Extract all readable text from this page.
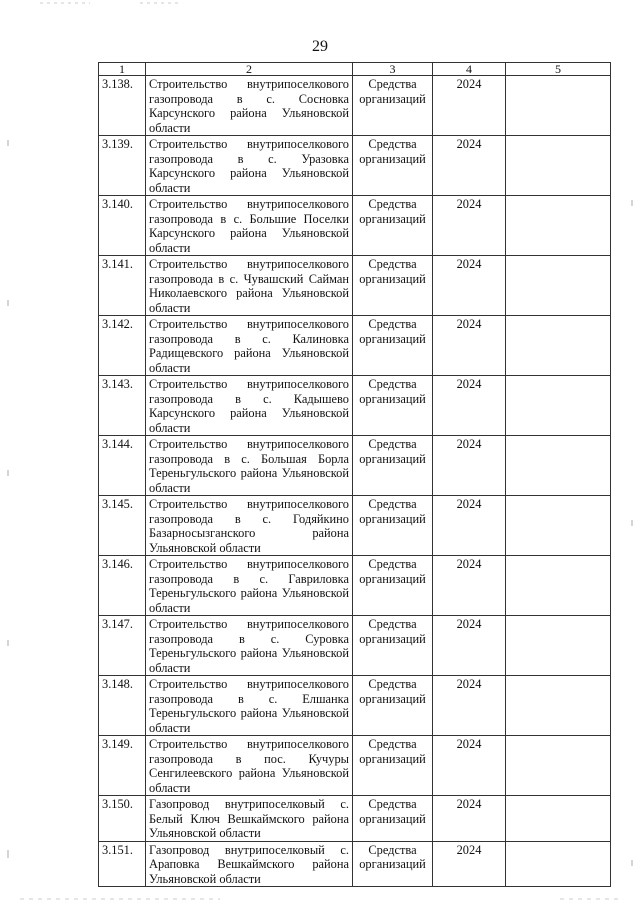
29
1	2	3	4	5
3.138.	Строительство внутрипоселкового газопровода в с. Сосновка Карсунского района Ульяновской области	Средства организаций	2024	
3.139.	Строительство внутрипоселкового газопровода в с. Уразовка Карсунского района Ульяновской области	Средства организаций	2024	
3.140.	Строительство внутрипоселкового газопровода в с. Большие Поселки Карсунского района Ульяновской области	Средства организаций	2024	
3.141.	Строительство внутрипоселкового газопровода в с. Чувашский Сайман Николаевского района Ульяновской области	Средства организаций	2024	
3.142.	Строительство внутрипоселкового газопровода в с. Калиновка Радищевского района Ульяновской области	Средства организаций	2024	
3.143.	Строительство внутрипоселкового газопровода в с. Кадышево Карсунского района Ульяновской области	Средства организаций	2024	
3.144.	Строительство внутрипоселкового газопровода в с. Большая Борла Тереньгульского района Ульяновской области	Средства организаций	2024	
3.145.	Строительство внутрипоселкового газопровода в с. Годяйкино Базарносызганского района Ульяновской области	Средства организаций	2024	
3.146.	Строительство внутрипоселкового газопровода в с. Гавриловка Тереньгульского района Ульяновской области	Средства организаций	2024	
3.147.	Строительство внутрипоселкового газопровода в с. Суровка Тереньгульского района Ульяновской области	Средства организаций	2024	
3.148.	Строительство внутрипоселкового газопровода в с. Елшанка Тереньгульского района Ульяновской области	Средства организаций	2024	
3.149.	Строительство внутрипоселкового газопровода в пос. Кучуры Сенгилеевского района Ульяновской области	Средства организаций	2024	
3.150.	Газопровод внутрипоселковый с. Белый Ключ Вешкаймского района Ульяновской области	Средства организаций	2024	
3.151.	Газопровод внутрипоселковый с. Араповка Вешкаймского района Ульяновской области	Средства организаций	2024	
